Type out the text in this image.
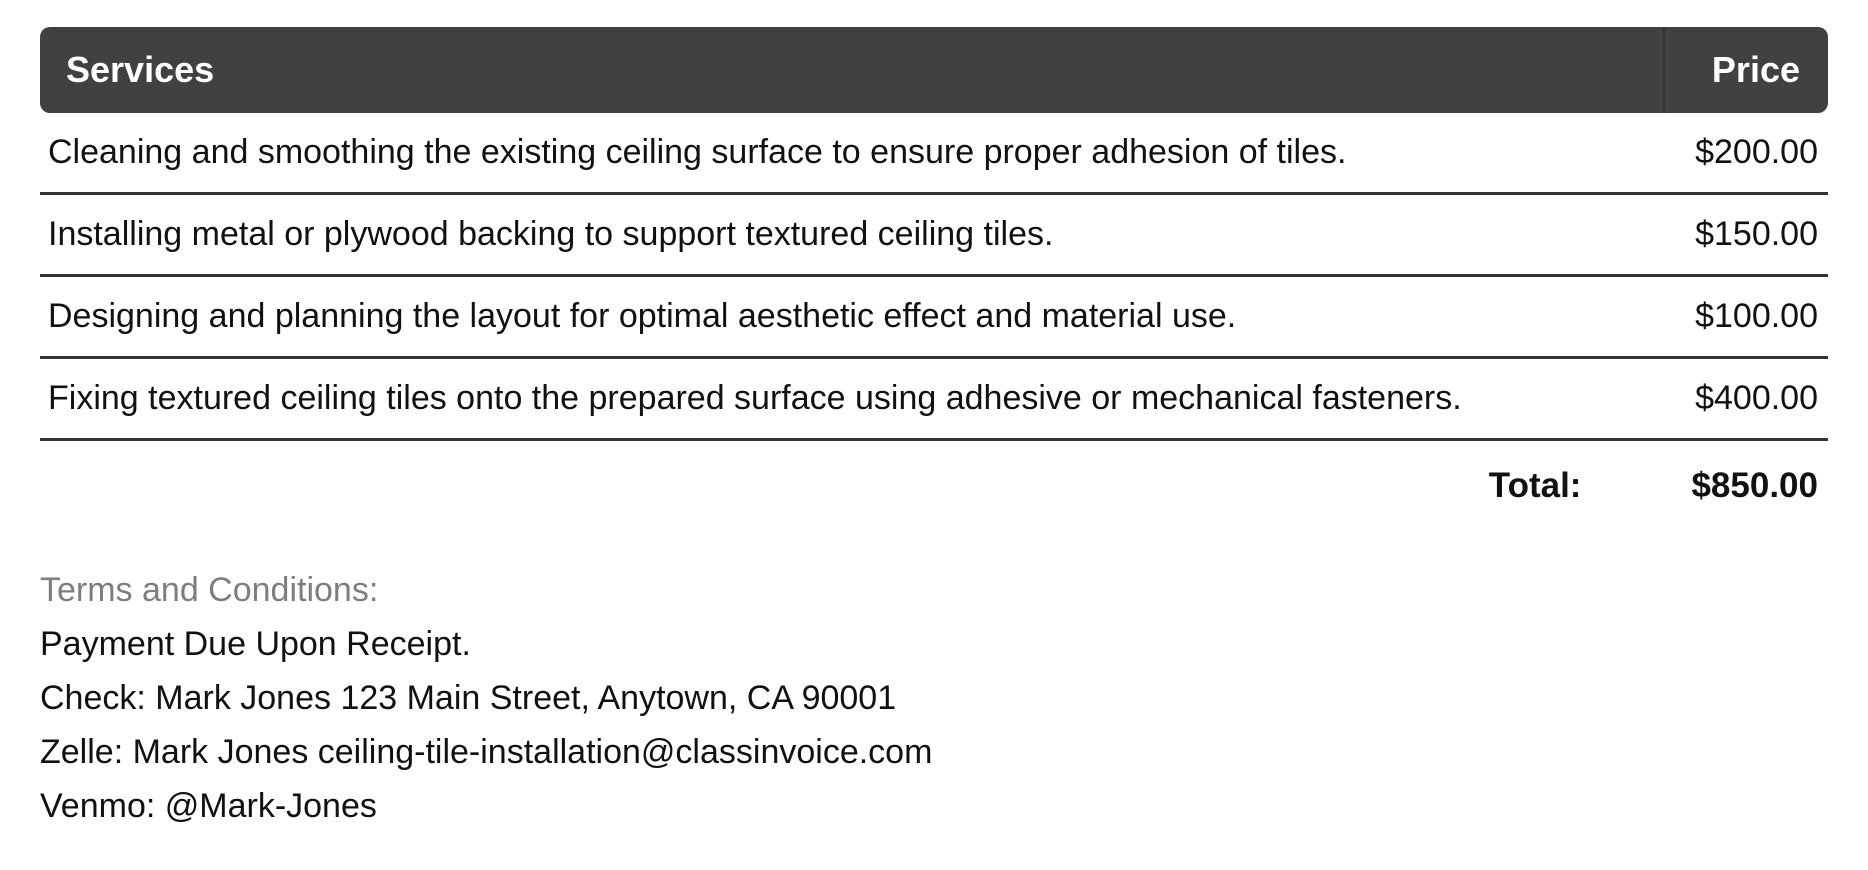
Services	Price
Cleaning and smoothing the existing ceiling surface to ensure proper adhesion of tiles.	$200.00
Installing metal or plywood backing to support textured ceiling tiles.	$150.00
Designing and planning the layout for optimal aesthetic effect and material use.	$100.00
Fixing textured ceiling tiles onto the prepared surface using adhesive or mechanical fasteners.	$400.00
Total:	$850.00
Terms and Conditions:
Payment Due Upon Receipt.
Check: Mark Jones 123 Main Street, Anytown, CA 90001
Zelle: Mark Jones ceiling-tile-installation@classinvoice.com
Venmo: @Mark-Jones
